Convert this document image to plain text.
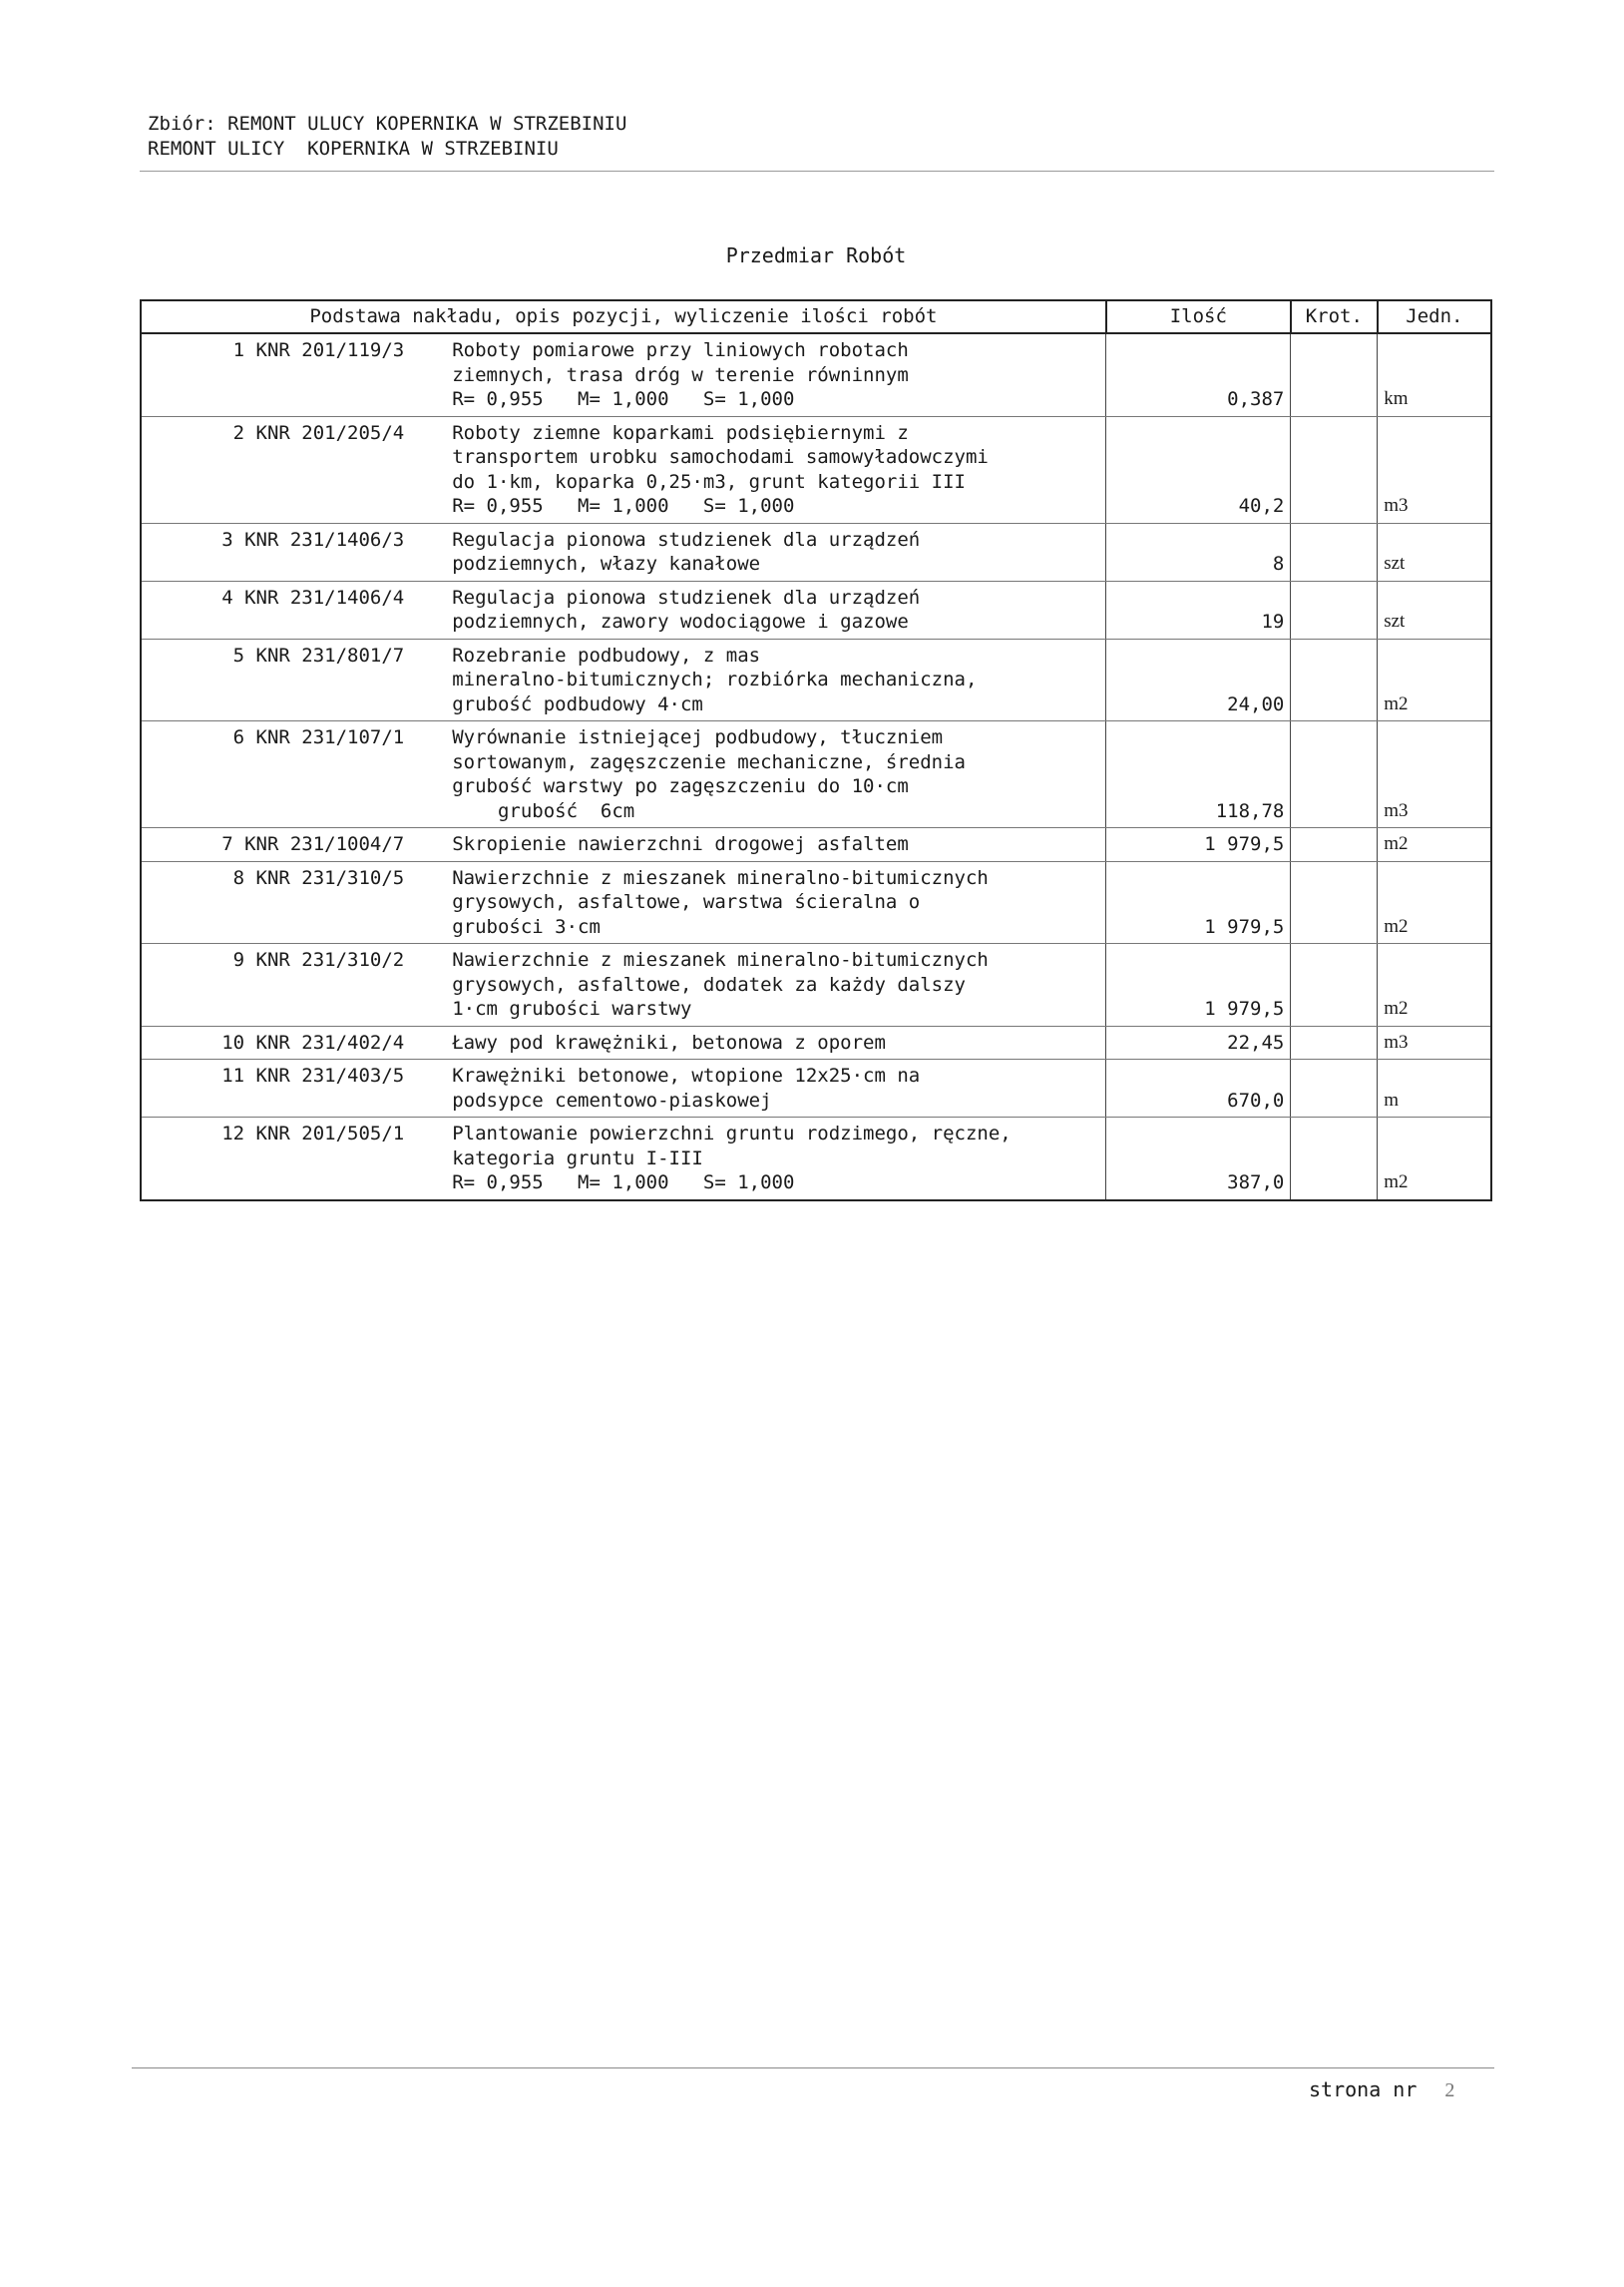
Zbiór: REMONT ULUCY KOPERNIKA W STRZEBINIU
REMONT ULICY  KOPERNIKA W STRZEBINIU
Przedmiar Robót
Podstawa nakładu, opis pozycji, wyliczenie ilości robót		Ilość	Krot.	Jedn.
1 KNR 201/119/3	Roboty pomiarowe przy liniowych robotach
ziemnych, trasa dróg w terenie równinnym
R= 0,955   M= 1,000   S= 1,000	0,387		km
2 KNR 201/205/4	Roboty ziemne koparkami podsiębiernymi z
transportem urobku samochodami samowyładowczymi
do 1·km, koparka 0,25·m3, grunt kategorii III
R= 0,955   M= 1,000   S= 1,000	40,2		m3
3 KNR 231/1406/3	Regulacja pionowa studzienek dla urządzeń
podziemnych, włazy kanałowe	8		szt
4 KNR 231/1406/4	Regulacja pionowa studzienek dla urządzeń
podziemnych, zawory wodociągowe i gazowe	19		szt
5 KNR 231/801/7	Rozebranie podbudowy, z mas
mineralno-bitumicznych; rozbiórka mechaniczna,
grubość podbudowy 4·cm	24,00		m2
6 KNR 231/107/1	Wyrównanie istniejącej podbudowy, tłuczniem
sortowanym, zagęszczenie mechaniczne, średnia
grubość warstwy po zagęszczeniu do 10·cm
grubość  6cm	118,78		m3
7 KNR 231/1004/7	Skropienie nawierzchni drogowej asfaltem	1 979,5		m2
8 KNR 231/310/5	Nawierzchnie z mieszanek mineralno-bitumicznych
grysowych, asfaltowe, warstwa ścieralna o
grubości 3·cm	1 979,5		m2
9 KNR 231/310/2	Nawierzchnie z mieszanek mineralno-bitumicznych
grysowych, asfaltowe, dodatek za każdy dalszy
1·cm grubości warstwy	1 979,5		m2
10 KNR 231/402/4	Ławy pod krawężniki, betonowa z oporem	22,45		m3
11 KNR 231/403/5	Krawężniki betonowe, wtopione 12x25·cm na
podsypce cementowo-piaskowej	670,0		m
12 KNR 201/505/1	Plantowanie powierzchni gruntu rodzimego, ręczne,
kategoria gruntu I-III
R= 0,955   M= 1,000   S= 1,000	387,0		m2
strona nr 2
